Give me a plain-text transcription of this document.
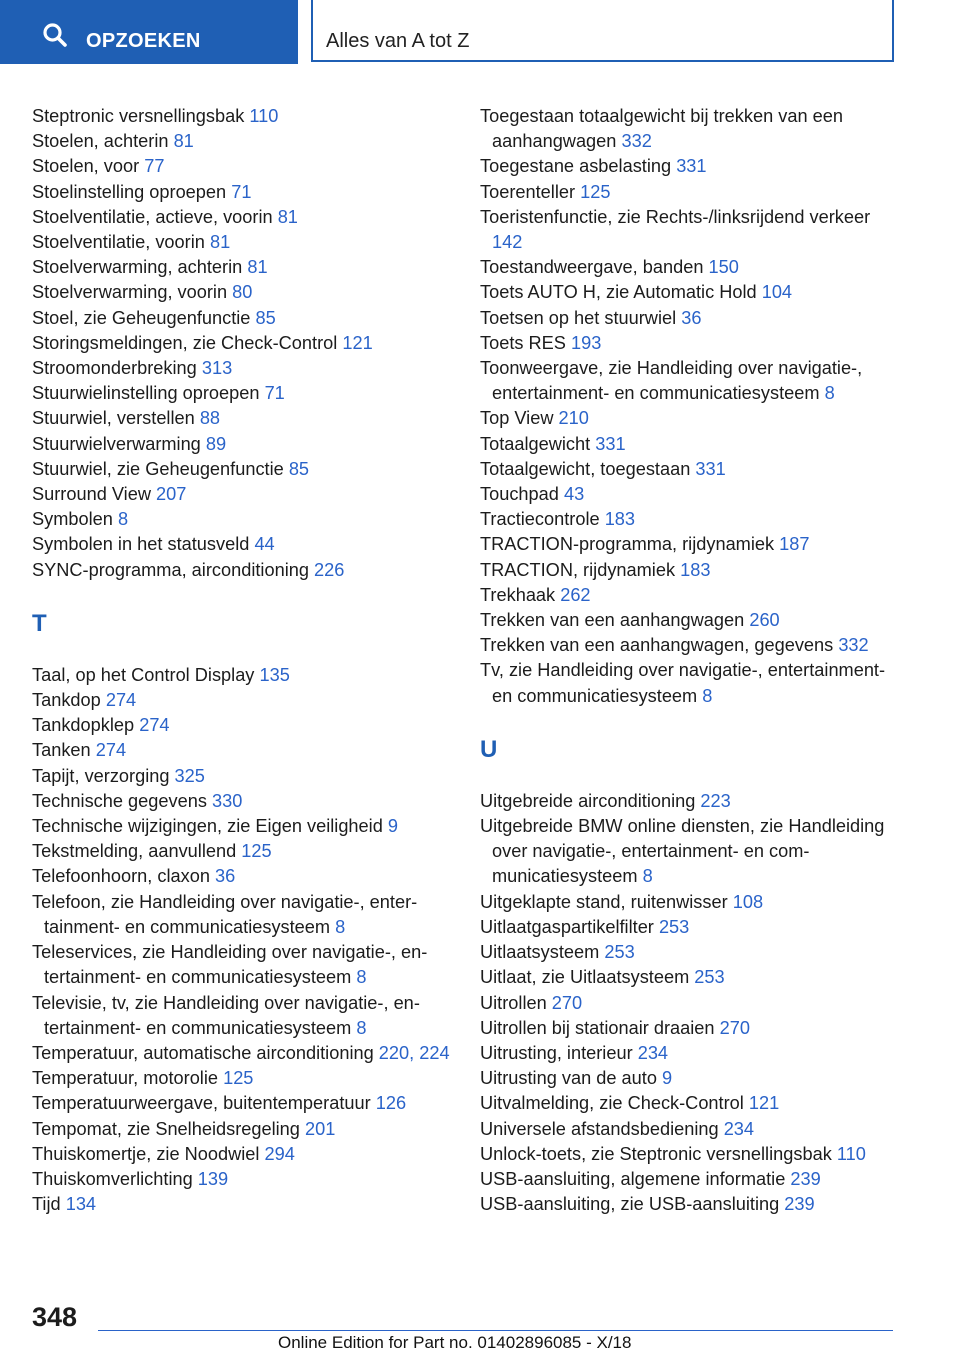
OPZOEKEN	Alles van A tot Z
Steptronic versnellingsbak 110
Stoelen, achterin 81
Stoelen, voor 77
Stoelinstelling oproepen 71
Stoelventilatie, actieve, voorin 81
Stoelventilatie, voorin 81
Stoelverwarming, achterin 81
Stoelverwarming, voorin 80
Stoel, zie Geheugenfunctie 85
Storingsmeldingen, zie Check-Control 121
Stroomonderbreking 313
Stuurwielinstelling oproepen 71
Stuurwiel, verstellen 88
Stuurwielverwarming 89
Stuurwiel, zie Geheugenfunctie 85
Surround View 207
Symbolen 8
Symbolen in het statusveld 44
SYNC-programma, airconditioning 226
T
Taal, op het Control Display 135
Tankdop 274
Tankdopklep 274
Tanken 274
Tapijt, verzorging 325
Technische gegevens 330
Technische wijzigingen, zie Eigen veiligheid 9
Tekstmelding, aanvullend 125
Telefoonhoorn, claxon 36
Telefoon, zie Handleiding over navigatie-, entertainment- en communicatiesysteem 8
Teleservices, zie Handleiding over navigatie-, entertainment- en communicatiesysteem 8
Televisie, tv, zie Handleiding over navigatie-, entertainment- en communicatiesysteem 8
Temperatuur, automatische airconditioning 220, 224
Temperatuur, motorolie 125
Temperatuurweergave, buitentemperatuur 126
Tempomat, zie Snelheidsregeling 201
Thuiskomertje, zie Noodwiel 294
Thuiskomverlichting 139
Tijd 134
Toegestaan totaalgewicht bij trekken van een aanhangwagen 332
Toegestane asbelasting 331
Toerenteller 125
Toeristenfunctie, zie Rechts-/linksrijdend verkeer 142
Toestandweergave, banden 150
Toets AUTO H, zie Automatic Hold 104
Toetsen op het stuurwiel 36
Toets RES 193
Toonweergave, zie Handleiding over navigatie-, entertainment- en communicatiesysteem 8
Top View 210
Totaalgewicht 331
Totaalgewicht, toegestaan 331
Touchpad 43
Tractiecontrole 183
TRACTION-programma, rijdynamiek 187
TRACTION, rijdynamiek 183
Trekhaak 262
Trekken van een aanhangwagen 260
Trekken van een aanhangwagen, gegevens 332
Tv, zie Handleiding over navigatie-, entertainment- en communicatiesysteem 8
U
Uitgebreide airconditioning 223
Uitgebreide BMW online diensten, zie Handleiding over navigatie-, entertainment- en communicatiesysteem 8
Uitgeklapte stand, ruitenwisser 108
Uitlaatgaspartikelfilter 253
Uitlaatsysteem 253
Uitlaat, zie Uitlaatsysteem 253
Uitrollen 270
Uitrollen bij stationair draaien 270
Uitrusting, interieur 234
Uitrusting van de auto 9
Uitvalmelding, zie Check-Control 121
Universele afstandsbediening 234
Unlock-toets, zie Steptronic versnellingsbak 110
USB-aansluiting, algemene informatie 239
USB-aansluiting, zie USB-aansluiting 239
348
Online Edition for Part no. 01402896085 - X/18
